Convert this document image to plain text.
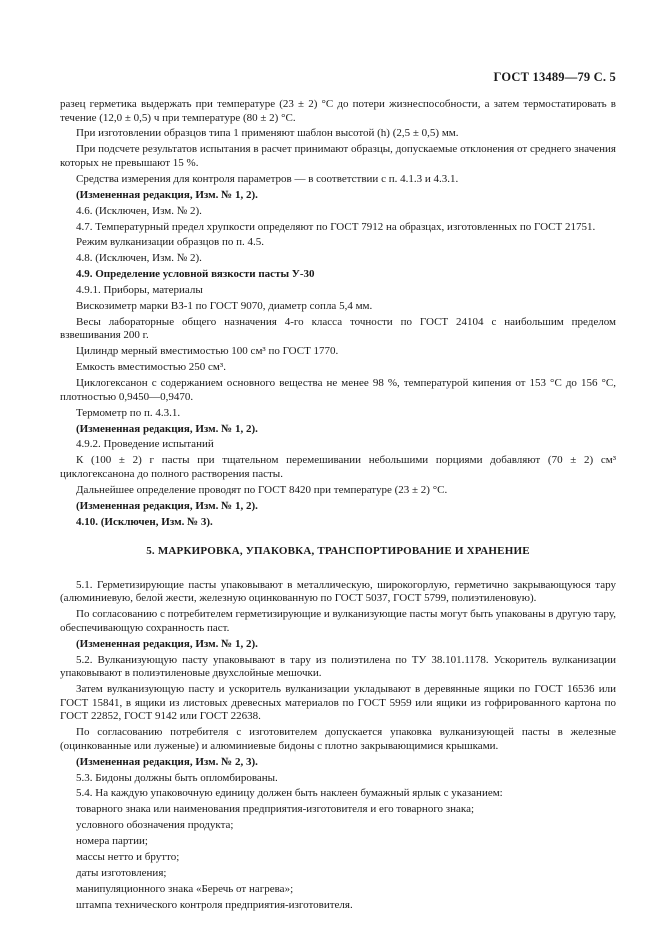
ГОСТ 13489—79 С. 5

разец герметика выдержать при температуре (23 ± 2) °С до потери жизнеспособности, а затем термостатировать в течение (12,0 ± 0,5) ч при температуре (80 ± 2) °С.

При изготовлении образцов типа 1 применяют шаблон высотой (h) (2,5 ± 0,5) мм.

При подсчете результатов испытания в расчет принимают образцы, допускаемые отклонения от среднего значения которых не превышают 15 %.

Средства измерения для контроля параметров — в соответствии с п. 4.1.3 и 4.3.1.

(Измененная редакция, Изм. № 1, 2).

4.6. (Исключен, Изм. № 2).

4.7. Температурный предел хрупкости определяют по ГОСТ 7912 на образцах, изготовленных по ГОСТ 21751.

Режим вулканизации образцов по п. 4.5.

4.8. (Исключен, Изм. № 2).

4.9. Определение условной вязкости пасты У-30

4.9.1. Приборы, материалы

Вискозиметр марки ВЗ-1 по ГОСТ 9070, диаметр сопла 5,4 мм.

Весы лабораторные общего назначения 4-го класса точности по ГОСТ 24104 с наибольшим пределом взвешивания 200 г.

Цилиндр мерный вместимостью 100 см³ по ГОСТ 1770.

Емкость вместимостью 250 см³.

Циклогексанон с содержанием основного вещества не менее 98 %, температурой кипения от 153 °С до 156 °С, плотностью 0,9450—0,9470.

Термометр по п. 4.3.1.

(Измененная редакция, Изм. № 1, 2).

4.9.2. Проведение испытаний

К (100 ± 2) г пасты при тщательном перемешивании небольшими порциями добавляют (70 ± 2) см³ циклогексанона до полного растворения пасты.

Дальнейшее определение проводят по ГОСТ 8420 при температуре (23 ± 2) °С.

(Измененная редакция, Изм. № 1, 2).

4.10. (Исключен, Изм. № 3).

5. МАРКИРОВКА, УПАКОВКА, ТРАНСПОРТИРОВАНИЕ И ХРАНЕНИЕ

5.1. Герметизирующие пасты упаковывают в металлическую, широкогорлую, герметично закрывающуюся тару (алюминиевую, белой жести, железную оцинкованную по ГОСТ 5037, ГОСТ 5799, полиэтиленовую).

По согласованию с потребителем герметизирующие и вулканизующие пасты могут быть упакованы в другую тару, обеспечивающую сохранность паст.

(Измененная редакция, Изм. № 1, 2).

5.2. Вулканизующую пасту упаковывают в тару из полиэтилена по ТУ 38.101.1178. Ускоритель вулканизации упаковывают в полиэтиленовые двухслойные мешочки.

Затем вулканизующую пасту и ускоритель вулканизации укладывают в деревянные ящики по ГОСТ 16536 или ГОСТ 15841, в ящики из листовых древесных материалов по ГОСТ 5959 или ящики из гофрированного картона по ГОСТ 22852, ГОСТ 9142 или ГОСТ 22638.

По согласованию потребителя с изготовителем допускается упаковка вулканизующей пасты в железные (оцинкованные или луженые) и алюминиевые бидоны с плотно закрывающимися крышками.

(Измененная редакция, Изм. № 2, 3).

5.3. Бидоны должны быть опломбированы.

5.4. На каждую упаковочную единицу должен быть наклеен бумажный ярлык с указанием:

товарного знака или наименования предприятия-изготовителя и его товарного знака;

условного обозначения продукта;

номера партии;

массы нетто и брутто;

даты изготовления;

манипуляционного знака «Беречь от нагрева»;

штампа технического контроля предприятия-изготовителя.
